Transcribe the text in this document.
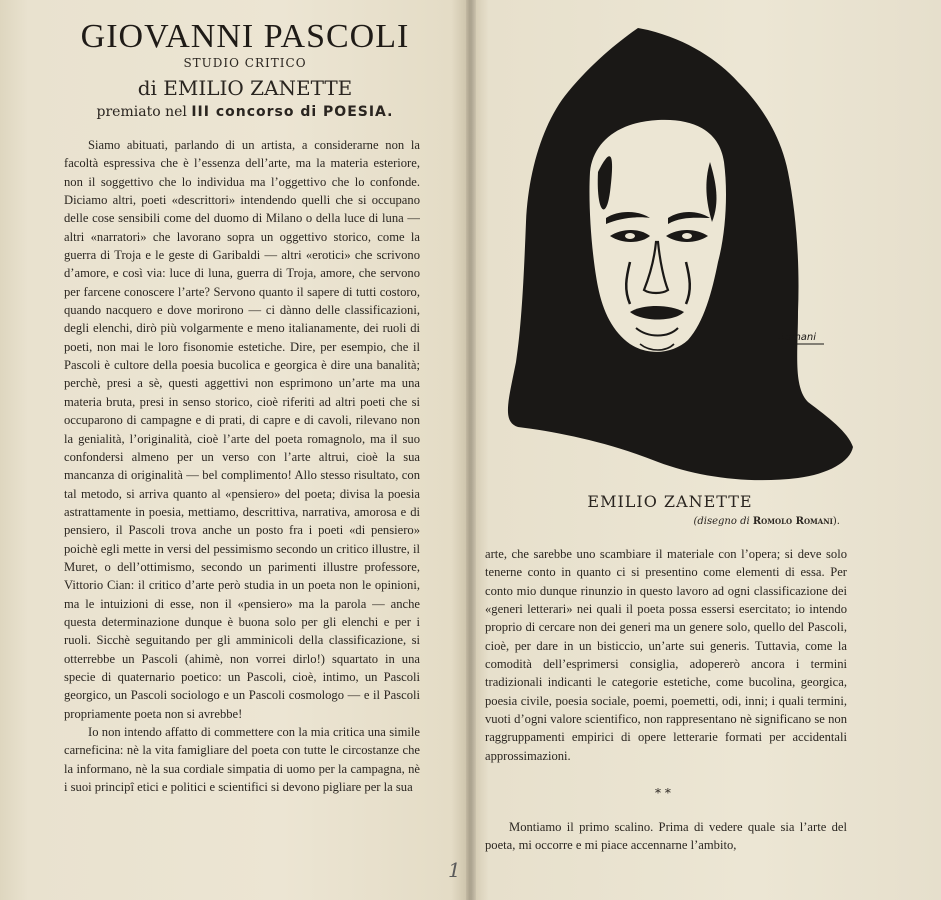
GIOVANNI PASCOLI
STUDIO CRITICO
di EMILIO ZANETTE
premiato nel III concorso di POESIA.

Siamo abituati, parlando di un artista, a considerarne non la facoltà espressiva che è l’essenza dell’arte, ma la materia esteriore, non il soggettivo che lo individua ma l’oggettivo che lo confonde. Diciamo altri, poeti «descrittori» intendendo quelli che si occupano delle cose sensibili come del duomo di Milano o della luce di luna — altri «narratori» che lavorano sopra un oggettivo storico, come la guerra di Troja e le geste di Garibaldi — altri «erotici» che scrivono d’amore, e così via: luce di luna, guerra di Troja, amore, che servono per farcene conoscere l’arte? Servono quanto il sapere di tutti costoro, quando nacquero e dove morirono — ci dànno delle classificazioni, degli elenchi, dirò più volgarmente e meno italianamente, dei ruoli di poeti, non mai le loro fisonomie estetiche. Dire, per esempio, che il Pascoli è cultore della poesia bucolica e georgica è dire una banalità; perchè, presi a sè, questi aggettivi non esprimono un’arte ma una materia bruta, presi in senso storico, cioè riferiti ad altri poeti che si occuparono di campagne e di prati, di capre e di cavoli, rilevano non la genialità, l’originalità, cioè l’arte del poeta romagnolo, ma il suo confondersi almeno per un verso con l’arte altrui, cioè la sua mancanza di originalità — bel complimento! Allo stesso risultato, con tal metodo, si arriva quanto al «pensiero» del poeta; divisa la poesia astrattamente in poesia, mettiamo, descrittiva, narrativa, amorosa e di pensiero, il Pascoli trova anche un posto fra i poeti «di pensiero» poichè egli mette in versi del pessimismo secondo un critico illustre, il Muret, o dell’ottimismo, secondo un parimenti illustre professore, Vittorio Cian: il critico d’arte però studia in un poeta non le opinioni, ma le intuizioni di esse, non il «pensiero» ma la parola — anche questa determinazione dunque è buona solo per gli elenchi e per i ruoli. Sicchè seguitando per gli amminicoli della classificazione, si otterrebbe un Pascoli (ahimè, non vorrei dirlo!) squartato in una specie di quaternario poetico: un Pascoli, cioè, intimo, un Pascoli georgico, un Pascoli sociologo e un Pascoli cosmologo — e il Pascoli propriamente poeta non si avrebbe!

Io non intendo affatto di commettere con la mia critica una simile carneficina: nè la vita famigliare del poeta con tutte le circostanze che la informano, nè la sua cordiale simpatia di uomo per la campagna, nè i suoi principî etici e politici e scientifici si devono pigliare per la sua

Romani
EMILIO ZANETTE
(disegno di Romolo Romani).

arte, che sarebbe uno scambiare il materiale con l’opera; si deve solo tenerne conto in quanto ci si presentino come elementi di essa. Per conto mio dunque rinunzio in questo lavoro ad ogni classificazione dei «generi letterari» nei quali il poeta possa essersi esercitato; io intendo proprio di cercare non dei generi ma un genere solo, quello del Pascoli, cioè, per dare in un bisticcio, un’arte sui generis. Tuttavia, come la comodità dell’esprimersi consiglia, adopererò ancora i termini tradizionali indicanti le categorie estetiche, come bucolina, georgica, poesia civile, poesia sociale, poemi, poemetti, odi, inni; i quali termini, vuoti d’ogni valore scientifico, non rappresentano nè significano se non raggruppamenti empirici di opere letterarie formati per accidentali approssimazioni.

* *

Montiamo il primo scalino. Prima di vedere quale sia l’arte del poeta, mi occorre e mi piace accennarne l’ambito,

1
